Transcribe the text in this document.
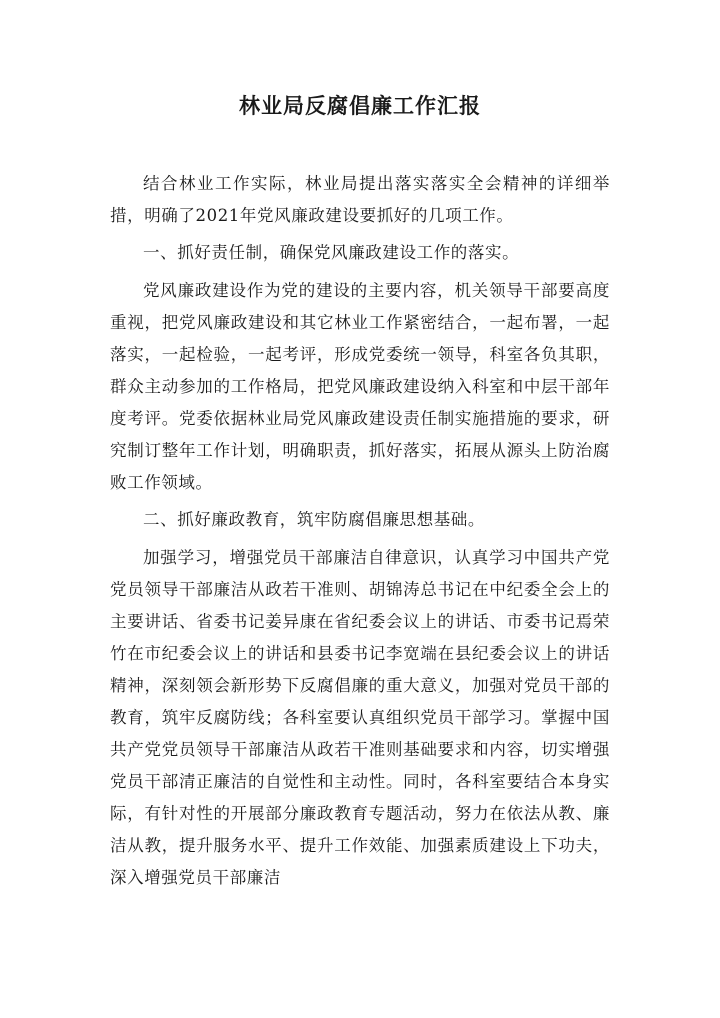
林业局反腐倡廉工作汇报

结合林业工作实际，林业局提出落实落实全会精神的详细举措，明确了2021年党风廉政建设要抓好的几项工作。

一、抓好责任制，确保党风廉政建设工作的落实。

党风廉政建设作为党的建设的主要内容，机关领导干部要高度重视，把党风廉政建设和其它林业工作紧密结合，一起布署，一起落实，一起检验，一起考评，形成党委统一领导，科室各负其职，群众主动参加的工作格局，把党风廉政建设纳入科室和中层干部年度考评。党委依据林业局党风廉政建设责任制实施措施的要求，研究制订整年工作计划，明确职责，抓好落实，拓展从源头上防治腐败工作领域。

二、抓好廉政教育，筑牢防腐倡廉思想基础。

加强学习，增强党员干部廉洁自律意识，认真学习中国共产党党员领导干部廉洁从政若干准则、胡锦涛总书记在中纪委全会上的主要讲话、省委书记姜异康在省纪委会议上的讲话、市委书记焉荣竹在市纪委会议上的讲话和县委书记李宽端在县纪委会议上的讲话精神，深刻领会新形势下反腐倡廉的重大意义，加强对党员干部的教育，筑牢反腐防线；各科室要认真组织党员干部学习。掌握中国共产党党员领导干部廉洁从政若干准则基础要求和内容，切实增强党员干部清正廉洁的自觉性和主动性。同时，各科室要结合本身实际，有针对性的开展部分廉政教育专题活动，努力在依法从教、廉洁从教，提升服务水平、提升工作效能、加强素质建设上下功夫，深入增强党员干部廉洁
